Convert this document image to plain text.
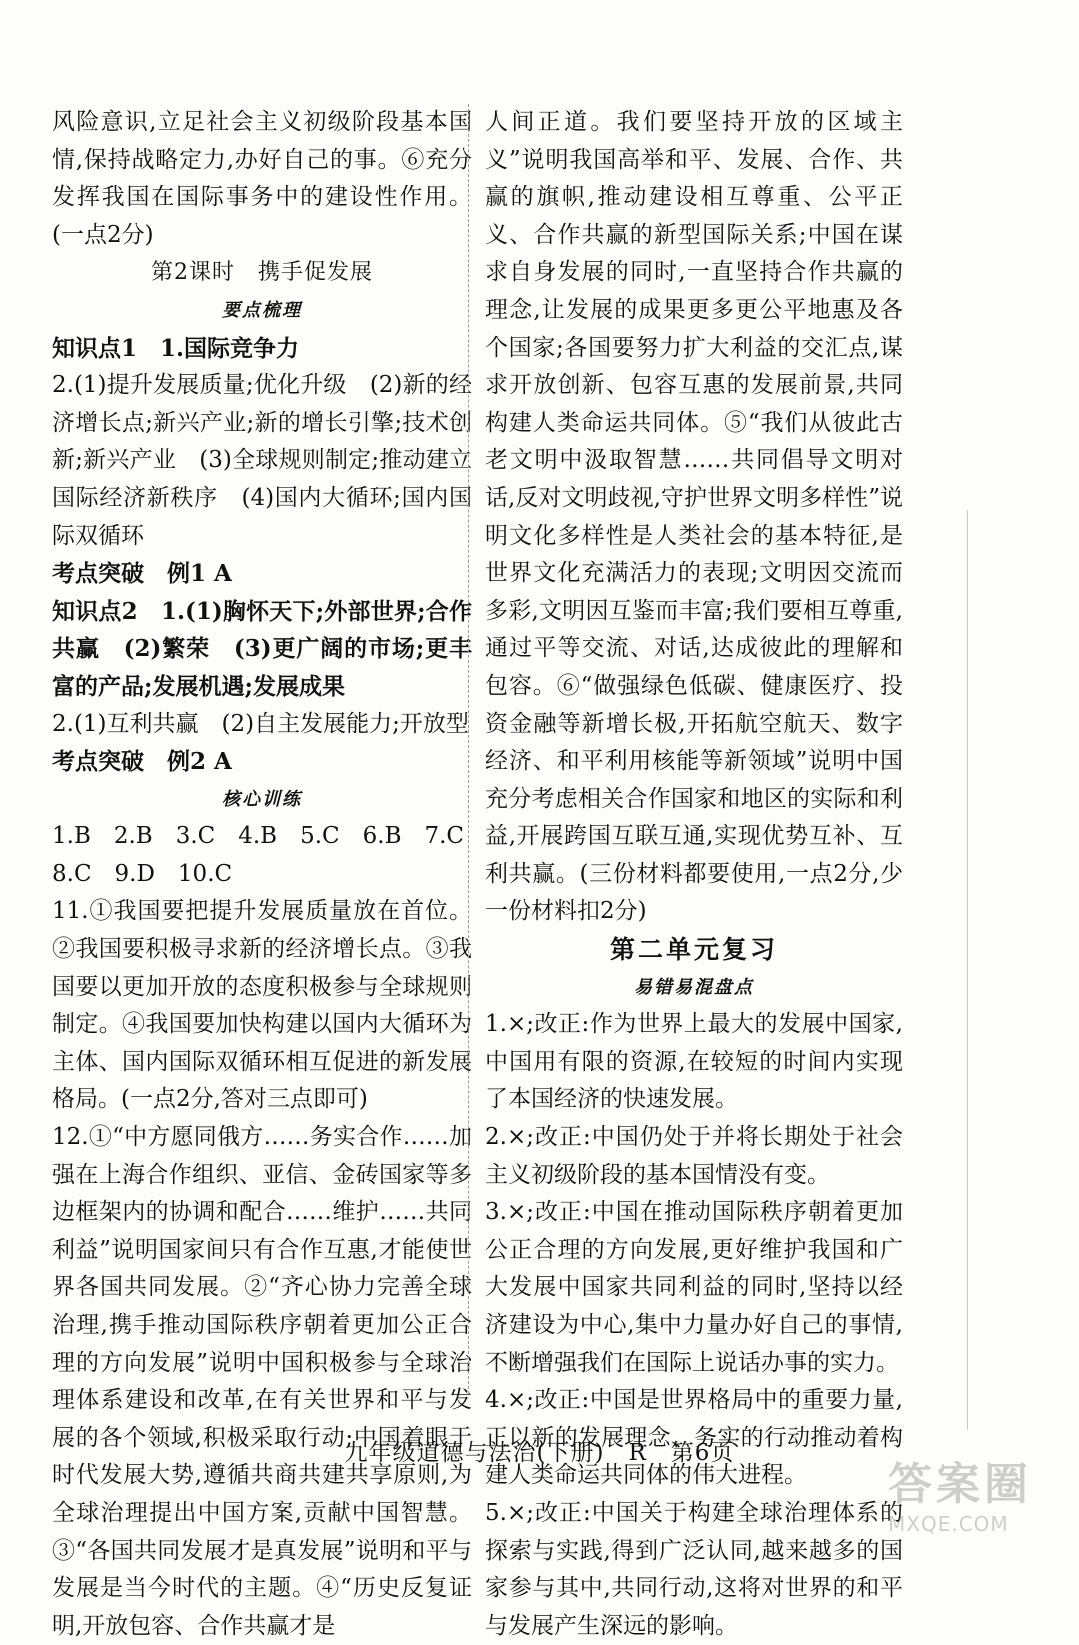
风险意识,立足社会主义初级阶段基本国情,保持战略定力,办好自己的事。⑥充分发挥我国在国际事务中的建设性作用。(一点2分)

第2课时　携手促发展

要点梳理

知识点1　1.国际竞争力

2.(1)提升发展质量;优化升级　(2)新的经济增长点;新兴产业;新的增长引擎;技术创新;新兴产业　(3)全球规则制定;推动建立国际经济新秩序　(4)国内大循环;国内国际双循环

考点突破　例1 A

知识点2　1.(1)胸怀天下;外部世界;合作共赢　(2)繁荣　(3)更广阔的市场;更丰富的产品;发展机遇;发展成果

2.(1)互利共赢　(2)自主发展能力;开放型

考点突破　例2 A

核心训练

1.B　2.B　3.C　4.B　5.C　6.B　7.C

8.C　9.D　10.C

11.①我国要把提升发展质量放在首位。②我国要积极寻求新的经济增长点。③我国要以更加开放的态度积极参与全球规则制定。④我国要加快构建以国内大循环为主体、国内国际双循环相互促进的新发展格局。(一点2分,答对三点即可)

12.①“中方愿同俄方……务实合作……加强在上海合作组织、亚信、金砖国家等多边框架内的协调和配合……维护……共同利益”说明国家间只有合作互惠,才能使世界各国共同发展。②“齐心协力完善全球治理,携手推动国际秩序朝着更加公正合理的方向发展”说明中国积极参与全球治理体系建设和改革,在有关世界和平与发展的各个领域,积极采取行动;中国着眼于时代发展大势,遵循共商共建共享原则,为全球治理提出中国方案,贡献中国智慧。③“各国共同发展才是真发展”说明和平与发展是当今时代的主题。④“历史反复证明,开放包容、合作共赢才是

人间正道。我们要坚持开放的区域主义”说明我国高举和平、发展、合作、共赢的旗帜,推动建设相互尊重、公平正义、合作共赢的新型国际关系;中国在谋求自身发展的同时,一直坚持合作共赢的理念,让发展的成果更多更公平地惠及各个国家;各国要努力扩大利益的交汇点,谋求开放创新、包容互惠的发展前景,共同构建人类命运共同体。⑤“我们从彼此古老文明中汲取智慧……共同倡导文明对话,反对文明歧视,守护世界文明多样性”说明文化多样性是人类社会的基本特征,是世界文化充满活力的表现;文明因交流而多彩,文明因互鉴而丰富;我们要相互尊重,通过平等交流、对话,达成彼此的理解和包容。⑥“做强绿色低碳、健康医疗、投资金融等新增长极,开拓航空航天、数字经济、和平利用核能等新领域”说明中国充分考虑相关合作国家和地区的实际和利益,开展跨国互联互通,实现优势互补、互利共赢。(三份材料都要使用,一点2分,少一份材料扣2分)

第二单元复习

易错易混盘点

1.×;改正:作为世界上最大的发展中国家,中国用有限的资源,在较短的时间内实现了本国经济的快速发展。

2.×;改正:中国仍处于并将长期处于社会主义初级阶段的基本国情没有变。

3.×;改正:中国在推动国际秩序朝着更加公正合理的方向发展,更好维护我国和广大发展中国家共同利益的同时,坚持以经济建设为中心,集中力量办好自己的事情,不断增强我们在国际上说话办事的实力。

4.×;改正:中国是世界格局中的重要力量,正以新的发展理念、务实的行动推动着构建人类命运共同体的伟大进程。

5.×;改正:中国关于构建全球治理体系的探索与实践,得到广泛认同,越来越多的国家参与其中,共同行动,这将对世界的和平与发展产生深远的影响。

九年级道德与法治(下册)　R　第6页
答案圈
MXQE.COM
